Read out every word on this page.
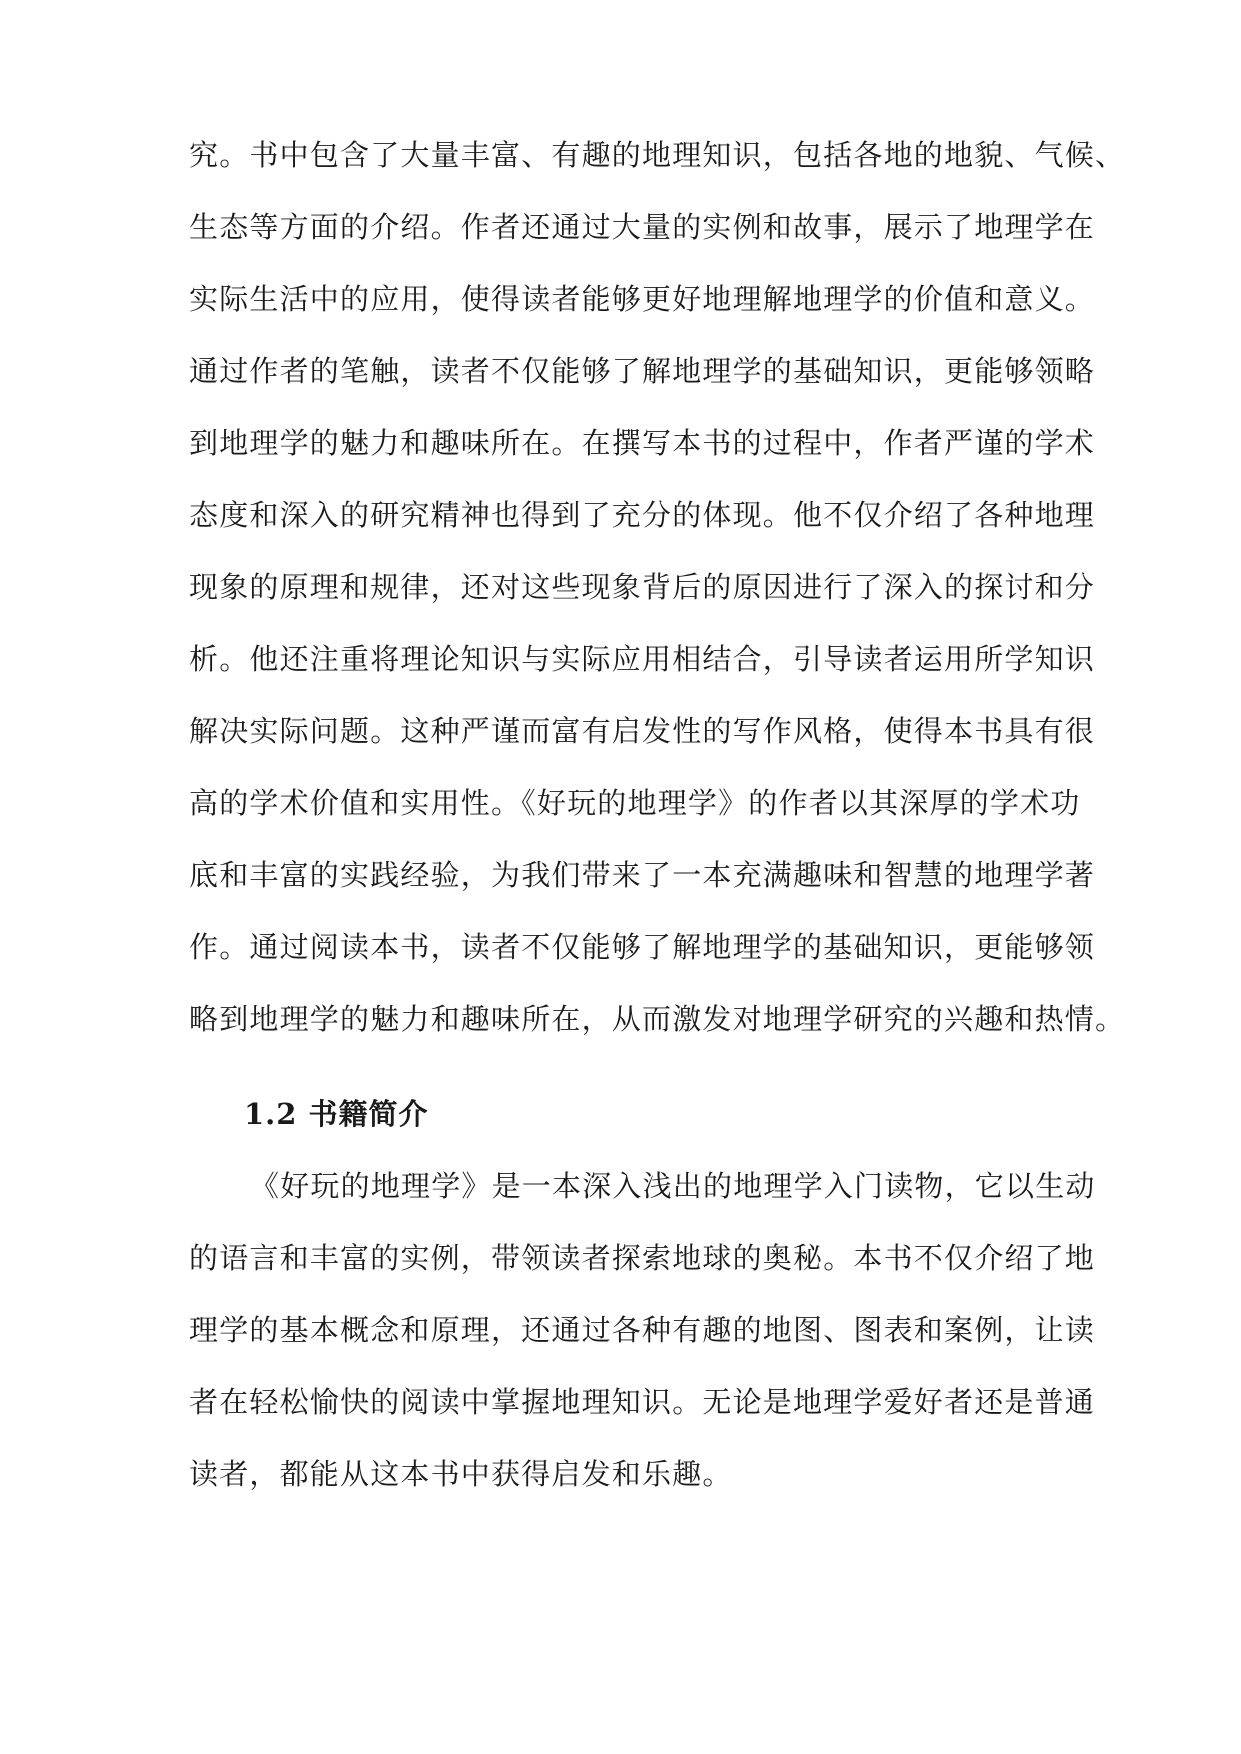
究。书中包含了大量丰富、有趣的地理知识，包括各地的地貌、气候、
生态等方面的介绍。作者还通过大量的实例和故事，展示了地理学在
实际生活中的应用，使得读者能够更好地理解地理学的价值和意义。
通过作者的笔触，读者不仅能够了解地理学的基础知识，更能够领略
到地理学的魅力和趣味所在。在撰写本书的过程中，作者严谨的学术
态度和深入的研究精神也得到了充分的体现。他不仅介绍了各种地理
现象的原理和规律，还对这些现象背后的原因进行了深入的探讨和分
析。他还注重将理论知识与实际应用相结合，引导读者运用所学知识
解决实际问题。这种严谨而富有启发性的写作风格，使得本书具有很
高的学术价值和实用性。《好玩的地理学》的作者以其深厚的学术功
底和丰富的实践经验，为我们带来了一本充满趣味和智慧的地理学著
作。通过阅读本书，读者不仅能够了解地理学的基础知识，更能够领
略到地理学的魅力和趣味所在，从而激发对地理学研究的兴趣和热情。
1.2 书籍简介
《好玩的地理学》是一本深入浅出的地理学入门读物，它以生动
的语言和丰富的实例，带领读者探索地球的奥秘。本书不仅介绍了地
理学的基本概念和原理，还通过各种有趣的地图、图表和案例，让读
者在轻松愉快的阅读中掌握地理知识。无论是地理学爱好者还是普通
读者，都能从这本书中获得启发和乐趣。
